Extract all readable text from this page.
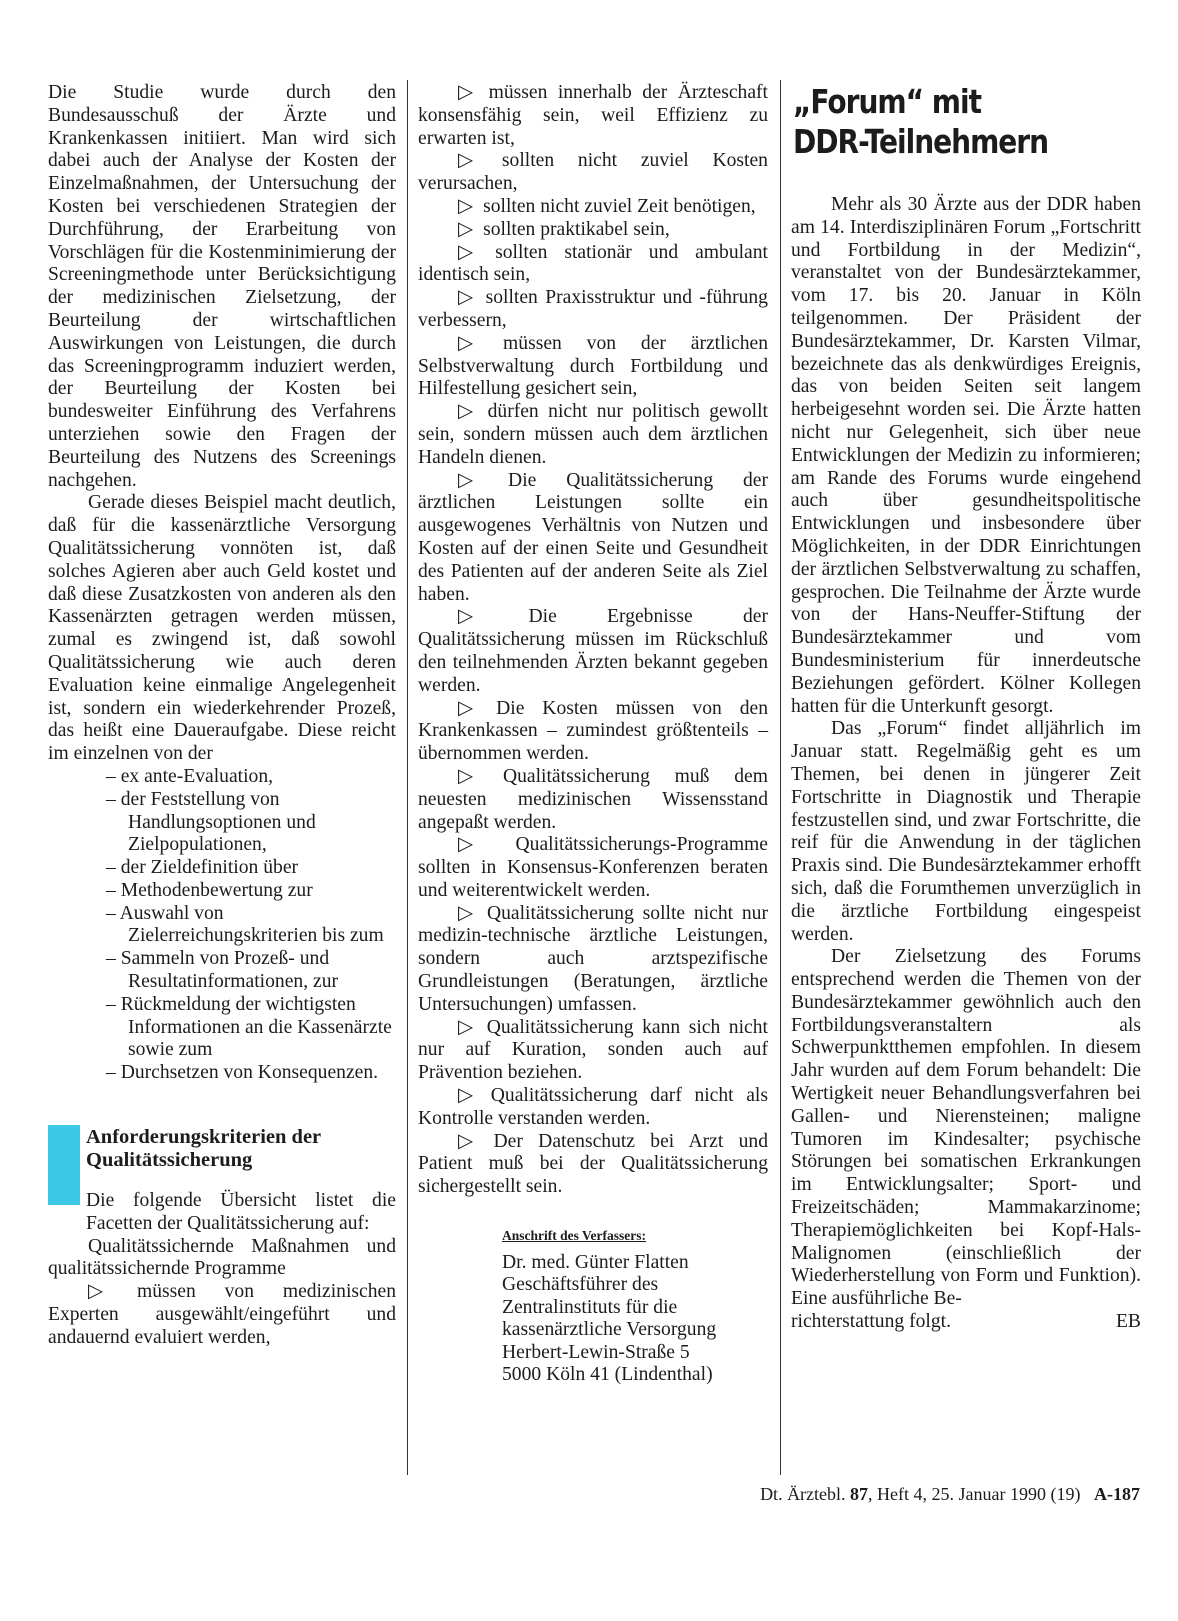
Die Studie wurde durch den Bundesausschuß der Ärzte und Krankenkassen initiiert. Man wird sich dabei auch der Analyse der Kosten der Einzelmaßnahmen, der Untersuchung der Kosten bei verschiedenen Strategien der Durchführung, der Erarbeitung von Vorschlägen für die Kostenminimierung der Screeningmethode unter Berücksichtigung der medizinischen Zielsetzung, der Beurteilung der wirtschaftlichen Auswirkungen von Leistungen, die durch das Screeningprogramm induziert werden, der Beurteilung der Kosten bei bundesweiter Einführung des Verfahrens unterziehen sowie den Fragen der Beurteilung des Nutzens des Screenings nachgehen.

Gerade dieses Beispiel macht deutlich, daß für die kassenärztliche Versorgung Qualitätssicherung vonnöten ist, daß solches Agieren aber auch Geld kostet und daß diese Zusatzkosten von anderen als den Kassenärzten getragen werden müssen, zumal es zwingend ist, daß sowohl Qualitätssicherung wie auch deren Evaluation keine einmalige Angelegenheit ist, sondern ein wiederkehrender Prozeß, das heißt eine Daueraufgabe. Diese reicht im einzelnen von der

– ex ante-Evaluation,

– der Feststellung von Handlungsoptionen und Zielpopulationen,

– der Zieldefinition über

– Methodenbewertung zur

– Auswahl von Zielerreichungskriterien bis zum

– Sammeln von Prozeß- und Resultatinformationen, zur

– Rückmeldung der wichtigsten Informationen an die Kassenärzte sowie zum

– Durchsetzen von Konsequenzen.

Anforderungskriterien der Qualitätssicherung

Die folgende Übersicht listet die Facetten der Qualitätssicherung auf:

Qualitätssichernde Maßnahmen und qualitätssichernde Programme

▷ müssen von medizinischen Experten ausgewählt/eingeführt und andauernd evaluiert werden,

▷ müssen innerhalb der Ärzteschaft konsensfähig sein, weil Effizienz zu erwarten ist,

▷ sollten nicht zuviel Kosten verursachen,

▷ sollten nicht zuviel Zeit benötigen,

▷ sollten praktikabel sein,

▷ sollten stationär und ambulant identisch sein,

▷ sollten Praxisstruktur und -führung verbessern,

▷ müssen von der ärztlichen Selbstverwaltung durch Fortbildung und Hilfestellung gesichert sein,

▷ dürfen nicht nur politisch gewollt sein, sondern müssen auch dem ärztlichen Handeln dienen.

▷ Die Qualitätssicherung der ärztlichen Leistungen sollte ein ausgewogenes Verhältnis von Nutzen und Kosten auf der einen Seite und Gesundheit des Patienten auf der anderen Seite als Ziel haben.

▷ Die Ergebnisse der Qualitätssicherung müssen im Rückschluß den teilnehmenden Ärzten bekannt gegeben werden.

▷ Die Kosten müssen von den Krankenkassen – zumindest größtenteils – übernommen werden.

▷ Qualitätssicherung muß dem neuesten medizinischen Wissensstand angepaßt werden.

▷ Qualitätssicherungs-Programme sollten in Konsensus-Konferenzen beraten und weiterentwickelt werden.

▷ Qualitätssicherung sollte nicht nur medizin-technische ärztliche Leistungen, sondern auch arztspezifische Grundleistungen (Beratungen, ärztliche Untersuchungen) umfassen.

▷ Qualitätssicherung kann sich nicht nur auf Kuration, sonden auch auf Prävention beziehen.

▷ Qualitätssicherung darf nicht als Kontrolle verstanden werden.

▷ Der Datenschutz bei Arzt und Patient muß bei der Qualitätssicherung sichergestellt sein.

Anschrift des Verfassers:
Dr. med. Günter Flatten
Geschäftsführer des
Zentralinstituts für die
kassenärztliche Versorgung
Herbert-Lewin-Straße 5
5000 Köln 41 (Lindenthal)
„Forum“ mit
DDR-Teilnehmern

Mehr als 30 Ärzte aus der DDR haben am 14. Interdisziplinären Forum „Fortschritt und Fortbildung in der Medizin“, veranstaltet von der Bundesärztekammer, vom 17. bis 20. Januar in Köln teilgenommen. Der Präsident der Bundesärztekammer, Dr. Karsten Vilmar, bezeichnete das als denkwürdiges Ereignis, das von beiden Seiten seit langem herbeigesehnt worden sei. Die Ärzte hatten nicht nur Gelegenheit, sich über neue Entwicklungen der Medizin zu informieren; am Rande des Forums wurde eingehend auch über gesundheitspolitische Entwicklungen und insbesondere über Möglichkeiten, in der DDR Einrichtungen der ärztlichen Selbstverwaltung zu schaffen, gesprochen. Die Teilnahme der Ärzte wurde von der Hans-Neuffer-Stiftung der Bundesärztekammer und vom Bundesministerium für innerdeutsche Beziehungen gefördert. Kölner Kollegen hatten für die Unterkunft gesorgt.

Das „Forum“ findet alljährlich im Januar statt. Regelmäßig geht es um Themen, bei denen in jüngerer Zeit Fortschritte in Diagnostik und Therapie festzustellen sind, und zwar Fortschritte, die reif für die Anwendung in der täglichen Praxis sind. Die Bundesärztekammer erhofft sich, daß die Forumthemen unverzüglich in die ärztliche Fortbildung eingespeist werden.

Der Zielsetzung des Forums entsprechend werden die Themen von der Bundesärztekammer gewöhnlich auch den Fortbildungsveranstaltern als Schwerpunktthemen empfohlen. In diesem Jahr wurden auf dem Forum behandelt: Die Wertigkeit neuer Behandlungsverfahren bei Gallen- und Nierensteinen; maligne Tumoren im Kindesalter; psychische Störungen bei somatischen Erkrankungen im Entwicklungsalter; Sport- und Freizeitschäden; Mammakarzinome; Therapiemöglichkeiten bei Kopf-Hals-Malignomen (einschließlich der Wiederherstellung von Form und Funktion). Eine ausführliche Be-

richterstattung folgt.	EB
Dt. Ärztebl. 87, Heft 4, 25. Januar 1990 (19) A-187
